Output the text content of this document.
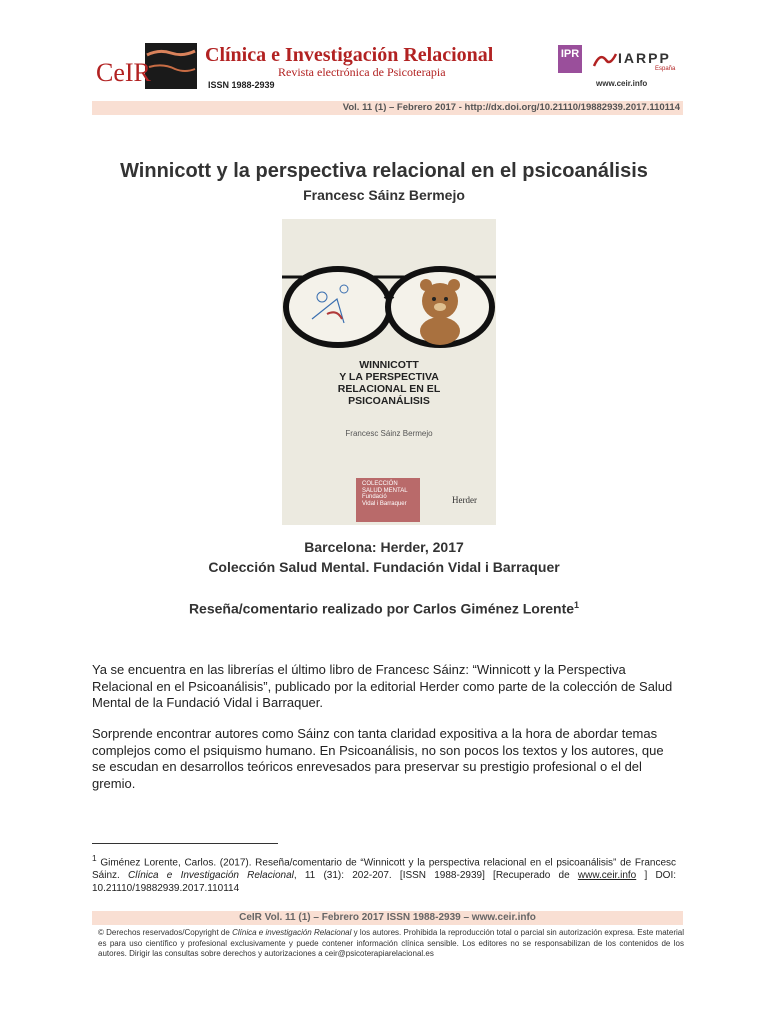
CeIR	ISSN 1988-2939
Clínica e Investigación Relacional
Revista electrónica de Psicoterapia
IPR	IARPP
España
www.ceir.info
Vol. 11 (1) – Febrero 2017 - http://dx.doi.org/10.21110/19882939.2017.110114
Winnicott y la perspectiva relacional en el psicoanálisis
Francesc Sáinz Bermejo
WINNICOTT
Y LA PERSPECTIVA
RELACIONAL EN EL
PSICOANÁLISIS
Francesc Sáinz Bermejo
COLECCIÓN
SALUD MENTAL
Fundació
Vidal i Barraquer	Herder
Barcelona: Herder, 2017
Colección Salud Mental. Fundación Vidal i Barraquer
Reseña/comentario realizado por Carlos Giménez Lorente$^1$
Ya se encuentra en las librerías el último libro de Francesc Sáinz: “Winnicott y la Perspectiva Relacional en el Psicoanálisis”, publicado por la editorial Herder como parte de la colección de Salud Mental de la Fundació Vidal i Barraquer.
Sorprende encontrar autores como Sáinz con tanta claridad expositiva a la hora de abordar temas complejos como el psiquismo humano. En Psicoanálisis, no son pocos los textos y los autores, que se escudan en desarrollos teóricos enrevesados para preservar su prestigio profesional o el del gremio.
$^1$ Giménez Lorente, Carlos. (2017). Reseña/comentario de “Winnicott y la perspectiva relacional en el psicoanálisis” de Francesc Sáinz. Clínica e Investigación Relacional, 11 (31): 202-207. [ISSN 1988-2939] [Recuperado de www.ceir.info ] DOI: 10.21110/19882939.2017.110114
CeIR Vol. 11 (1) – Febrero 2017 ISSN 1988-2939 – www.ceir.info
© Derechos reservados/Copyright de Clínica e investigación Relacional y los autores. Prohibida la reproducción total o parcial sin autorización expresa. Este material es para uso científico y profesional exclusivamente y puede contener información clínica sensible. Los editores no se responsabilizan de los contenidos de los autores. Dirigir las consultas sobre derechos y autorizaciones a ceir@psicoterapiarelacional.es
